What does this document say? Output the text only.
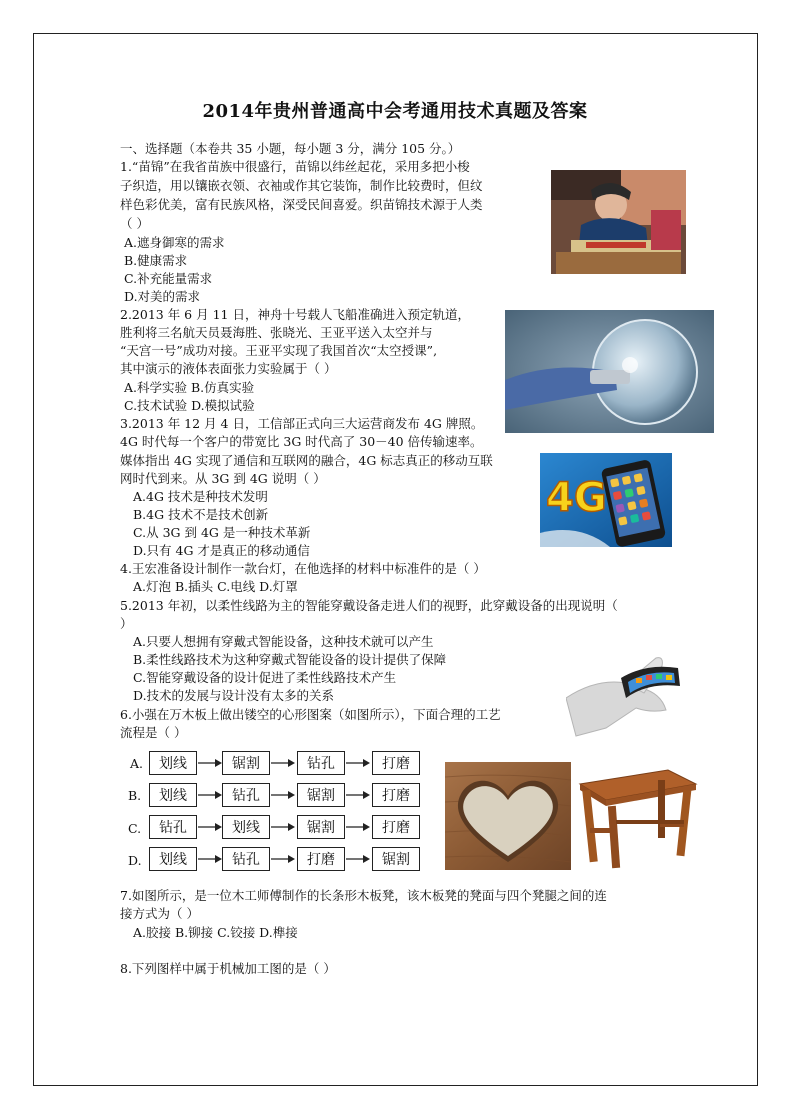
2014年贵州普通高中会考通用技术真题及答案
一、选择题（本卷共 35 小题，每小题 3 分，满分 105 分。）
1.“苗锦”在我省苗族中很盛行，苗锦以纬丝起花，采用多把小梭
子织造，用以镶嵌衣领、衣袖或作其它装饰，制作比较费时，但纹
样色彩优美，富有民族风格，深受民间喜爱。织苗锦技术源于人类
（ ）
A.遮身御寒的需求
B.健康需求
C.补充能量需求
D.对美的需求
2.2013 年 6 月 11 日，神舟十号载人飞船准确进入预定轨道，
胜利将三名航天员聂海胜、张晓光、王亚平送入太空并与
“天宫一号”成功对接。王亚平实现了我国首次“太空授课”,
其中演示的液体表面张力实验属于（ ）
A.科学实验 B.仿真实验
C.技术试验 D.模拟试验
3.2013 年 12 月 4 日，工信部正式向三大运营商发布 4G 牌照。
4G 时代每一个客户的带宽比 3G 时代高了 30－40 倍传输速率。
媒体指出 4G 实现了通信和互联网的融合，4G 标志真正的移动互联
网时代到来。从 3G 到 4G 说明（ ）
A.4G 技术是种技术发明
B.4G 技术不是技术创新
C.从 3G 到 4G 是一种技术革新
D.只有 4G 才是真正的移动通信
4G
4.王宏准备设计制作一款台灯，在他选择的材料中标准件的是（ ）
A.灯泡 B.插头 C.电线 D.灯罩
5.2013 年初，以柔性线路为主的智能穿戴设备走进人们的视野，此穿戴设备的出现说明（
）
A.只要人想拥有穿戴式智能设备，这种技术就可以产生
B.柔性线路技术为这种穿戴式智能设备的设计提供了保障
C.智能穿戴设备的设计促进了柔性线路技术产生
D.技术的发展与设计没有太多的关系
6.小强在万木板上做出镂空的心形图案（如图所示），下面合理的工艺
流程是（ ）
A.	划线	锯割	钻孔	打磨
B.	划线	钻孔	锯割	打磨
C.	钻孔	划线	锯割	打磨
D.	划线	钻孔	打磨	锯割
7.如图所示，是一位木工师傅制作的长条形木板凳，该木板凳的凳面与四个凳腿之间的连
接方式为（ ）
A.胶接 B.铆接 C.铰接 D.榫接
8.下列图样中属于机械加工图的是（ ）
